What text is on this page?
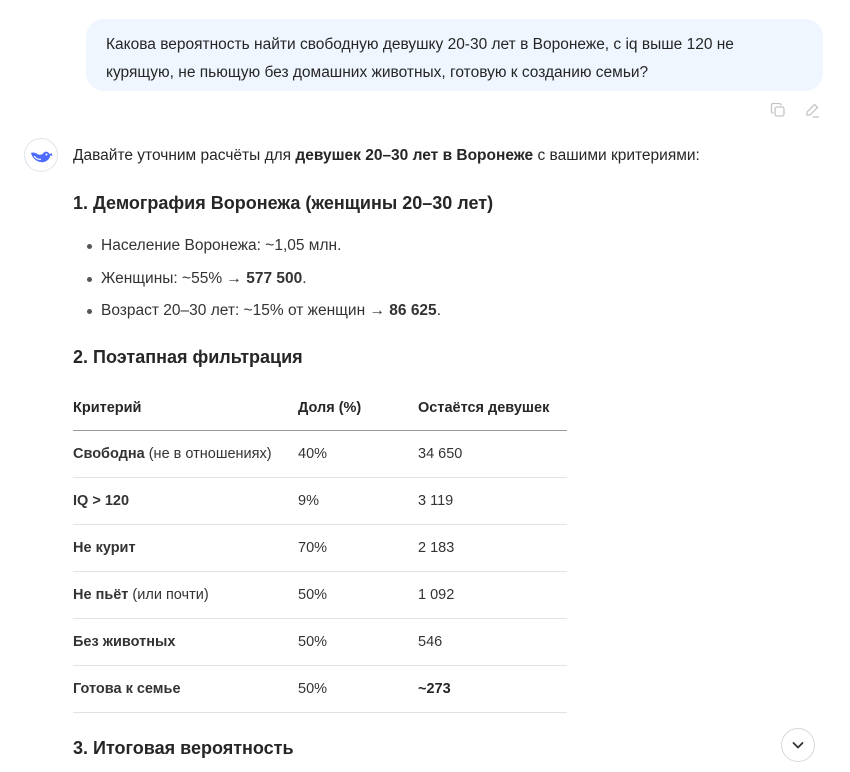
Какова вероятность найти свободную девушку 20-30 лет в Воронеже, с iq выше 120 не
курящую, не пьющую без домашних животных, готовую к созданию семьи?
Давайте уточним расчёты для девушек 20–30 лет в Воронеже с вашими критериями:
1. Демография Воронежа (женщины 20–30 лет)
Население Воронежа: ~1,05 млн.
Женщины: ~55% → 577 500.
Возраст 20–30 лет: ~15% от женщин → 86 625.
2. Поэтапная фильтрация
Критерий	Доля (%)	Остаётся девушек
Свободна (не в отношениях)	40%	34 650
IQ > 120	9%	3 119
Не курит	70%	2 183
Не пьёт (или почти)	50%	1 092
Без животных	50%	546
Готова к семье	50%	~273
3. Итоговая вероятность
